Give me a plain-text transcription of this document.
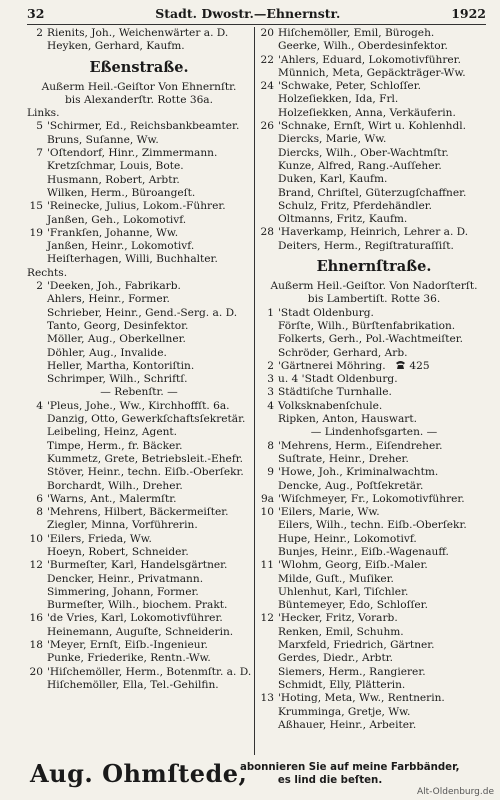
32	Stadt. Dwostr.—Ehnernstr.	1922
2 Rienits, Joh., Weichenwärter a. D.
Heyken, Gerhard, Kaufm.
Eßenstraße.
Außerm Heil.-Geiſtor Von Ehnernſtr.
bis Alexanderſtr. Rotte 36a.
Links.
5 'Schirmer, Ed., Reichsbankbeamter.
Bruns, Suſanne, Ww.
7 'Oſtendorf, Hinr., Zimmermann.
Kretzſchmar, Louis, Bote.
Husmann, Robert, Arbtr.
Wilken, Herm., Büroangeſt.
15 'Reinecke, Julius, Lokom.-Führer.
Janßen, Geh., Lokomotivf.
19 'Frankſen, Johanne, Ww.
Janßen, Heinr., Lokomotivf.
Heiſterhagen, Willi, Buchhalter.
Rechts.
2 'Deeken, Joh., Fabrikarb.
Ahlers, Heinr., Former.
Schrieber, Heinr., Gend.-Serg. a. D.
Tanto, Georg, Desinfektor.
Möller, Aug., Oberkellner.
Döhler, Aug., Invalide.
Heller, Martha, Kontoriſtin.
Schrimper, Wilh., Schriftſ.
— Rebenſtr. —
4 'Pleus, Johe., Ww., Kirchhoffſt. 6a.
Danzig, Otto, Gewerkſchaftsſekretär.
Leibeling, Heinz, Agent.
Timpe, Herm., fr. Bäcker.
Kummetz, Grete, Betriebsleit.-Ehefr.
Stöver, Heinr., techn. Eiſb.-Oberſekr.
Borchardt, Wilh., Dreher.
6 'Warns, Ant., Malermſtr.
8 'Mehrens, Hilbert, Bäckermeiſter.
Ziegler, Minna, Vorführerin.
10 'Eilers, Frieda, Ww.
Hoeyn, Robert, Schneider.
12 'Burmeſter, Karl, Handelsgärtner.
Dencker, Heinr., Privatmann.
Simmering, Johann, Former.
Burmeſter, Wilh., biochem. Prakt.
16 'de Vries, Karl, Lokomotivführer.
Heinemann, Auguſte, Schneiderin.
18 'Meyer, Ernſt, Eiſb.-Ingenieur.
Punke, Friederike, Rentn.-Ww.
20 'Hiſchemöller, Herm., Botenmſtr. a. D.
Hiſchemöller, Ella, Tel.-Gehilfin.
20 Hiſchemöller, Emil, Bürogeh.
Geerke, Wilh., Oberdesinfektor.
22 'Ahlers, Eduard, Lokomotivführer.
Münnich, Meta, Gepäckträger-Ww.
24 'Schwake, Peter, Schloſſer.
Holzeſiekken, Ida, Frl.
Holzeſiekken, Anna, Verkäuferin.
26 'Schnake, Ernſt, Wirt u. Kohlenhdl.
Diercks, Marie, Ww.
Diercks, Wilh., Ober-Wachtmſtr.
Kunze, Alfred, Rang.-Auſſeher.
Duken, Karl, Kaufm.
Brand, Chriſtel, Güterzugſchaffner.
Schulz, Fritz, Pferdehändler.
Oltmanns, Fritz, Kaufm.
28 'Haverkamp, Heinrich, Lehrer a. D.
Deiters, Herm., Regiſtraturaſſiſt.
Ehnernſtraße.
Außerm Heil.-Geiſtor. Von Nadorſterſt.
bis Lambertiſt. Rotte 36.
1 'Stadt Oldenburg.
Förſte, Wilh., Bürſtenfabrikation.
Folkerts, Gerh., Pol.-Wachtmeiſter.
Schröder, Gerhard, Arb.
2 'Gärtnerei Möhring. 425
3 u. 4 'Stadt Oldenburg.
3 Städtiſche Turnhalle.
4 Volksknabenſchule.
Ripken, Anton, Hauswart.
— Lindenhofsgarten. —
8 'Mehrens, Herm., Eiſendreher.
Suſtrate, Heinr., Dreher.
9 'Howe, Joh., Kriminalwachtm.
Dencke, Aug., Poſtſekretär.
9a 'Wiſchmeyer, Fr., Lokomotivführer.
10 'Eilers, Marie, Ww.
Eilers, Wilh., techn. Eiſb.-Oberſekr.
Hupe, Heinr., Lokomotivf.
Bunjes, Heinr., Eiſb.-Wagenauff.
11 'Wlohm, Georg, Eiſb.-Maler.
Milde, Guſt., Muſiker.
Uhlenhut, Karl, Tiſchler.
Büntemeyer, Edo, Schloſſer.
12 'Hecker, Fritz, Vorarb.
Renken, Emil, Schuhm.
Marxfeld, Friedrich, Gärtner.
Gerdes, Diedr., Arbtr.
Siemers, Herm., Rangierer.
Schmidt, Elly, Plätterin.
13 'Hoting, Meta, Ww., Rentnerin.
Krumminga, Gretje, Ww.
Aßhauer, Heinr., Arbeiter.
Aug. Ohmſtede,
abonnieren Sie auf meine Farbbänder,
es lind die beſten.
Alt-Oldenburg.de
